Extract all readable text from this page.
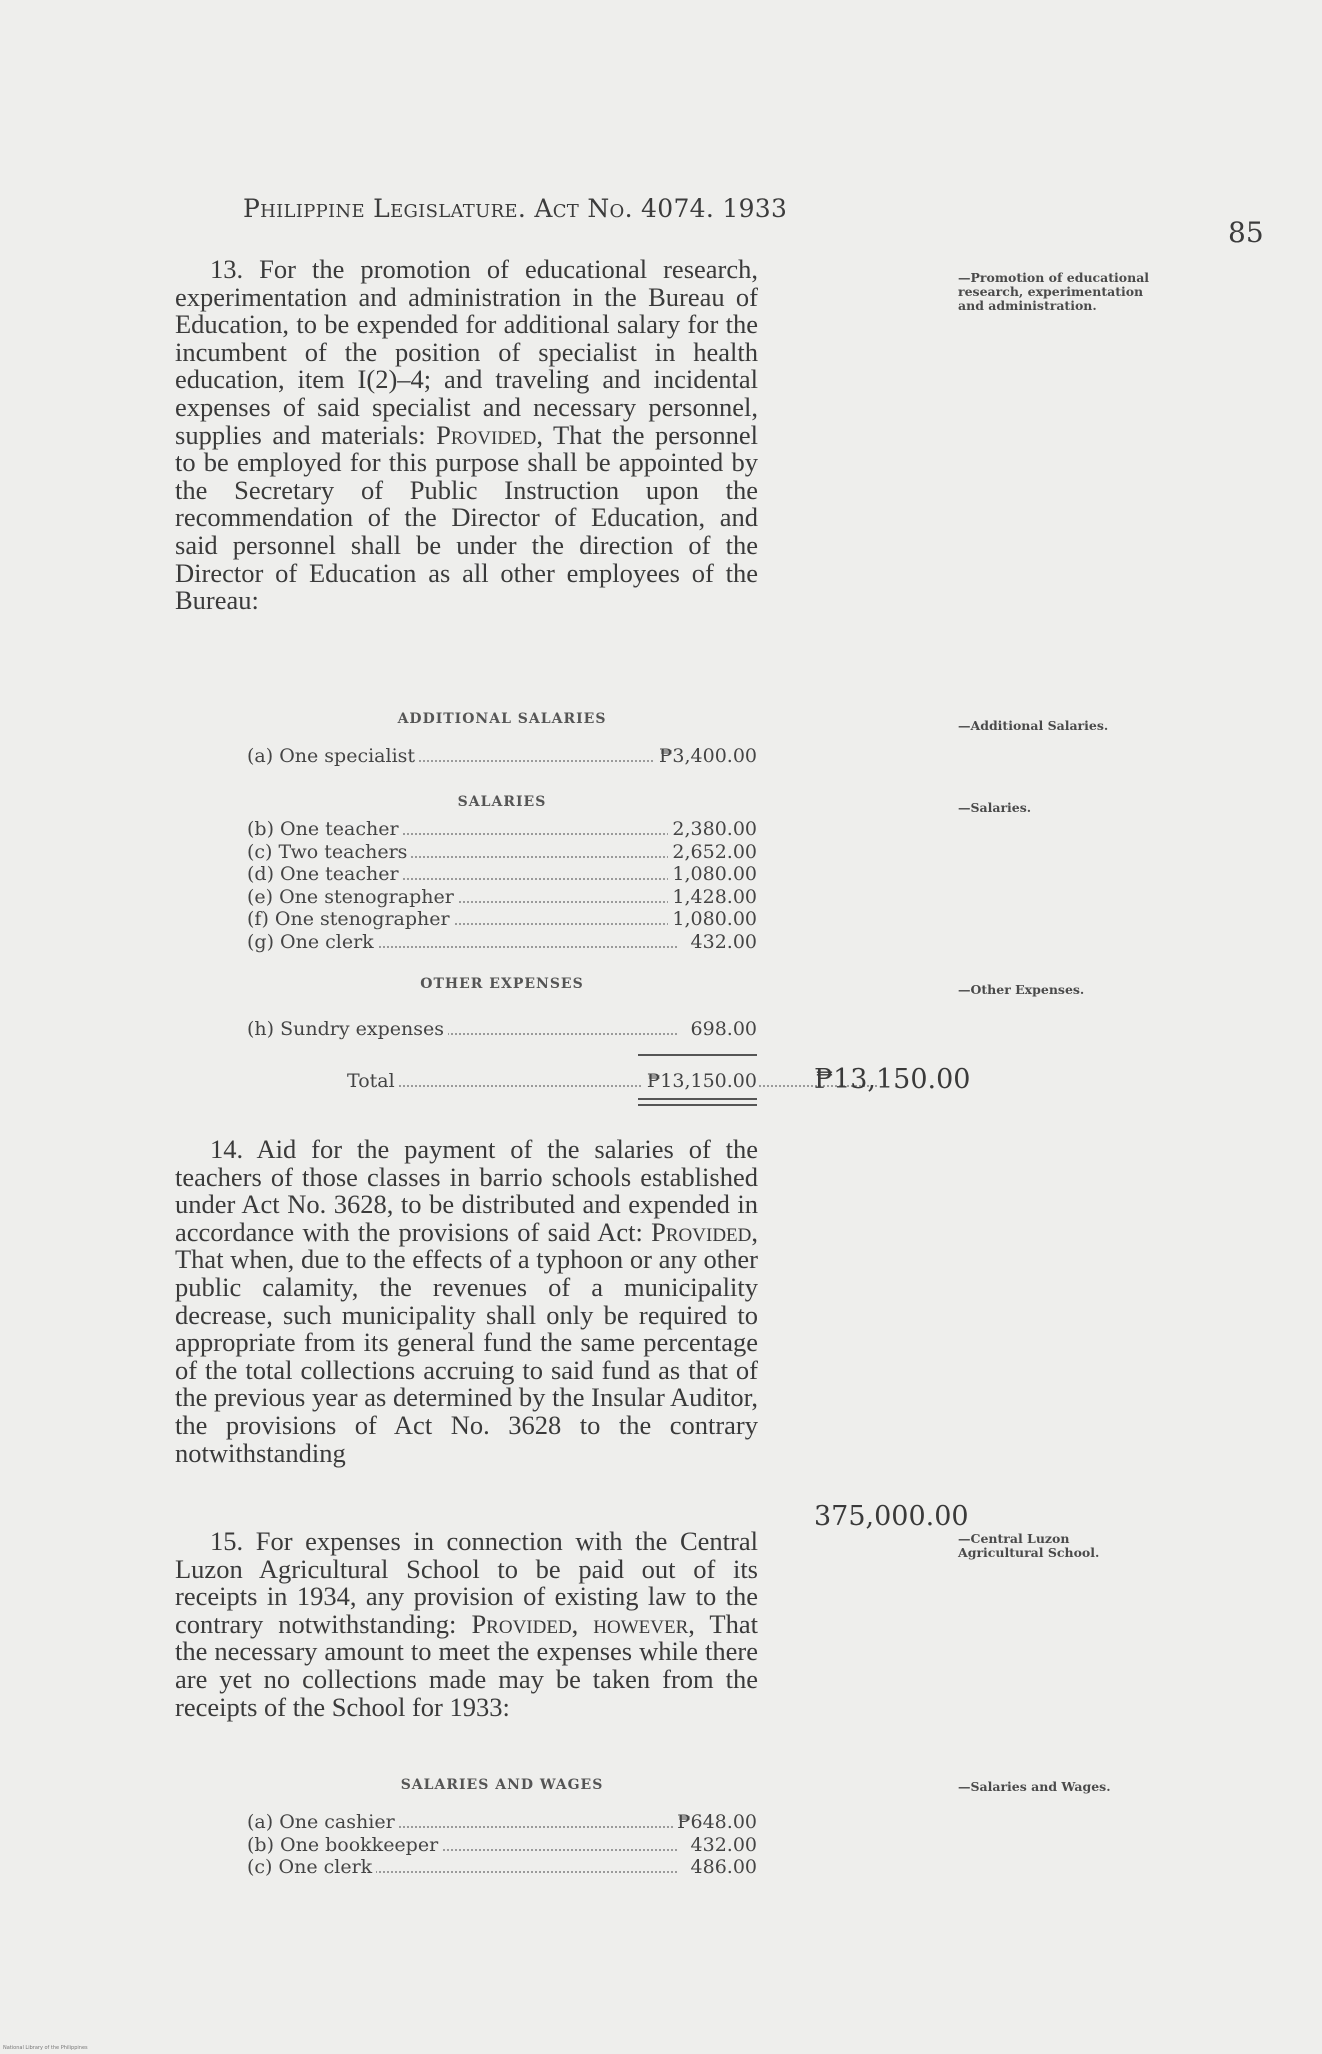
Philippine Legislature. Act No. 4074. 1933
85

13. For the promotion of educational research, experimentation and administration in the Bureau of Education, to be expended for additional salary for the incumbent of the position of specialist in health education, item I(2)–4; and traveling and incidental expenses of said specialist and necessary personnel, supplies and materials: Provided, That the personnel to be employed for this purpose shall be appointed by the Secretary of Public Instruction upon the recommendation of the Director of Education, and said personnel shall be under the direction of the Director of Education as all other employees of the Bureau:

—Promotion of educational research, experimentation and administration.
ADDITIONAL SALARIES	—Additional Salaries.
(a) One specialist	₱3,400.00
SALARIES	—Salaries.
(b) One teacher	2,380.00
(c) Two teachers	2,652.00
(d) One teacher	1,080.00
(e) One stenographer	1,428.00
(f) One stenographer	1,080.00
(g) One clerk	432.00
OTHER EXPENSES	—Other Expenses.
(h) Sundry expenses	698.00
Total	₱13,150.00 ₱13,150.00

14. Aid for the payment of the salaries of the teachers of those classes in barrio schools established under Act No. 3628, to be distributed and expended in accordance with the provisions of said Act: Provided, That when, due to the effects of a typhoon or any other public calamity, the revenues of a municipality decrease, such municipality shall only be required to appropriate from its general fund the same percentage of the total collections accruing to said fund as that of the previous year as determined by the Insular Auditor, the provisions of Act No. 3628 to the contrary notwithstanding

375,000.00

15. For expenses in connection with the Central Luzon Agricultural School to be paid out of its receipts in 1934, any provision of existing law to the contrary notwithstanding: Provided, however, That the necessary amount to meet the expenses while there are yet no collections made may be taken from the receipts of the School for 1933:

—Central Luzon Agricultural School.
SALARIES AND WAGES	—Salaries and Wages.
(a) One cashier	₱648.00
(b) One bookkeeper	432.00
(c) One clerk	486.00
National Library of the Philippines
